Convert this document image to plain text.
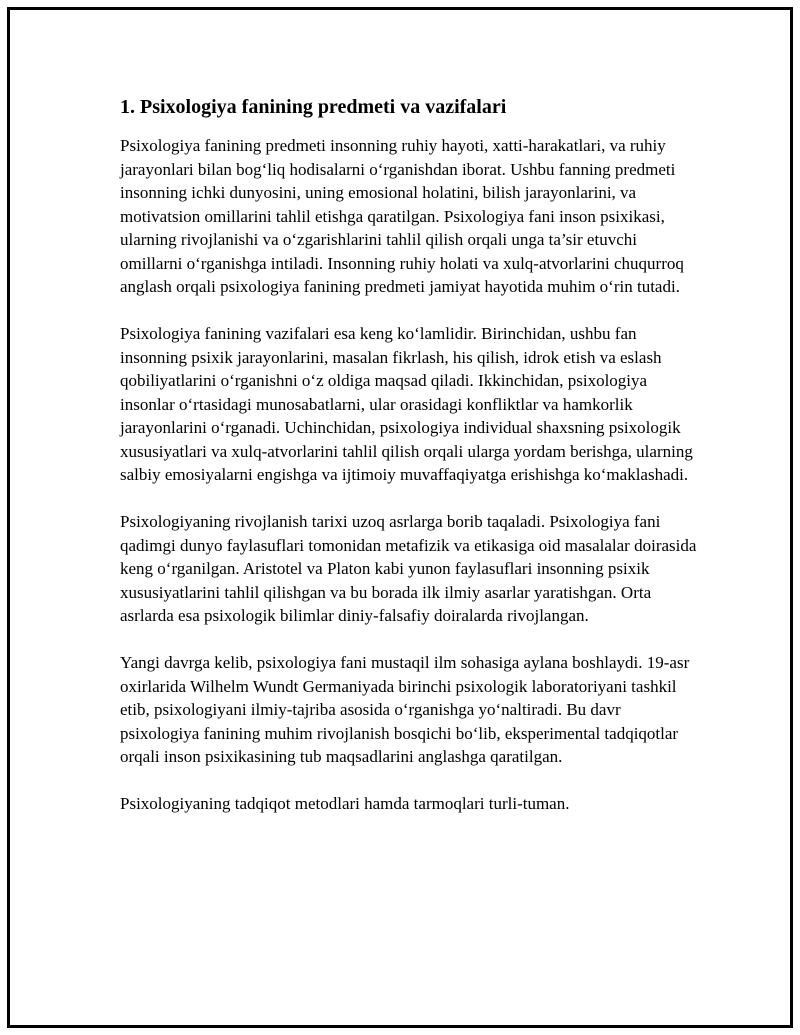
1. Psixologiya fanining predmeti va vazifalari

Psixologiya fanining predmeti insonning ruhiy hayoti, xatti-harakatlari, va ruhiy jarayonlari bilan bog‘liq hodisalarni o‘rganishdan iborat. Ushbu fanning predmeti insonning ichki dunyosini, uning emosional holatini, bilish jarayonlarini, va motivatsion omillarini tahlil etishga qaratilgan. Psixologiya fani inson psixikasi, ularning rivojlanishi va o‘zgarishlarini tahlil qilish orqali unga ta’sir etuvchi omillarni o‘rganishga intiladi. Insonning ruhiy holati va xulq-atvorlarini chuqurroq anglash orqali psixologiya fanining predmeti jamiyat hayotida muhim o‘rin tutadi.

Psixologiya fanining vazifalari esa keng ko‘lamlidir. Birinchidan, ushbu fan insonning psixik jarayonlarini, masalan fikrlash, his qilish, idrok etish va eslash qobiliyatlarini o‘rganishni o‘z oldiga maqsad qiladi. Ikkinchidan, psixologiya insonlar o‘rtasidagi munosabatlarni, ular orasidagi konfliktlar va hamkorlik jarayonlarini o‘rganadi. Uchinchidan, psixologiya individual shaxsning psixologik xususiyatlari va xulq-atvorlarini tahlil qilish orqali ularga yordam berishga, ularning salbiy emosiyalarni engishga va ijtimoiy muvaffaqiyatga erishishga ko‘maklashadi.

Psixologiyaning rivojlanish tarixi uzoq asrlarga borib taqaladi. Psixologiya fani qadimgi dunyo faylasuflari tomonidan metafizik va etikasiga oid masalalar doirasida keng o‘rganilgan. Aristotel va Platon kabi yunon faylasuflari insonning psixik xususiyatlarini tahlil qilishgan va bu borada ilk ilmiy asarlar yaratishgan. Orta asrlarda esa psixologik bilimlar diniy-falsafiy doiralarda rivojlangan.

Yangi davrga kelib, psixologiya fani mustaqil ilm sohasiga aylana boshlaydi. 19-asr oxirlarida Wilhelm Wundt Germaniyada birinchi psixologik laboratoriyani tashkil etib, psixologiyani ilmiy-tajriba asosida o‘rganishga yo‘naltiradi. Bu davr psixologiya fanining muhim rivojlanish bosqichi bo‘lib, eksperimental tadqiqotlar orqali inson psixikasining tub maqsadlarini anglashga qaratilgan.

Psixologiyaning tadqiqot metodlari hamda tarmoqlari turli-tuman.
